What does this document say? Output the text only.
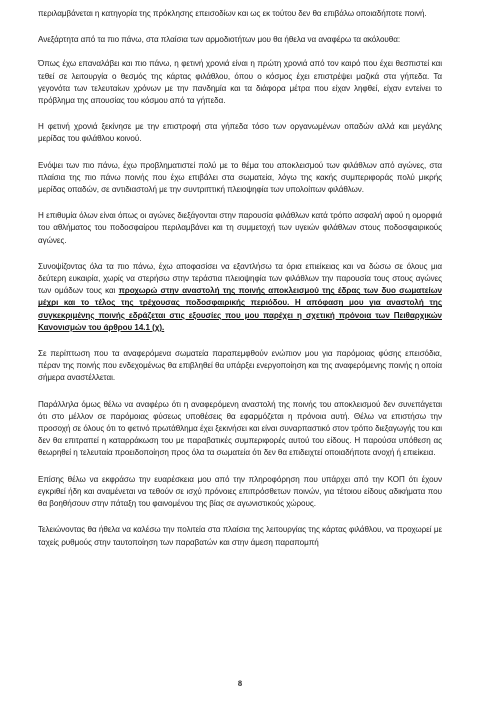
περιλαμβάνεται η κατηγορία της πρόκλησης επεισοδίων και ως εκ τούτου δεν θα επιβάλω οποιαδήποτε ποινή.

Ανεξάρτητα από τα πιο πάνω, στα πλαίσια των αρμοδιοτήτων μου θα ήθελα να αναφέρω τα ακόλουθα:

Όπως έχω επαναλάβει και πιο πάνω, η φετινή χρονιά είναι η πρώτη χρονιά από τον καιρό που έχει θεσπιστεί και τεθεί σε λειτουργία ο θεσμός της κάρτας φιλάθλου, όπου ο κόσμος έχει επιστρέψει μαζικά στα γήπεδα. Τα γεγονότα των τελευταίων χρόνων με την πανδημία και τα διάφορα μέτρα που είχαν ληφθεί, είχαν εντείνει το πρόβλημα της απουσίας του κόσμου από τα γήπεδα.

Η φετινή χρονιά ξεκίνησε με την επιστροφή στα γήπεδα τόσο των οργανωμένων οπαδών αλλά και μεγάλης μερίδας του φιλάθλου κοινού.

Ενόψει των πιο πάνω, έχω προβληματιστεί πολύ με το θέμα του αποκλεισμού των φιλάθλων από αγώνες, στα πλαίσια της πιο πάνω ποινής που έχω επιβάλει στα σωματεία, λόγω της κακής συμπεριφοράς πολύ μικρής μερίδας οπαδών, σε αντιδιαστολή με την συντριπτική πλειοψηφία των υπολοίπων φιλάθλων.

Η επιθυμία όλων είναι όπως οι αγώνες διεξάγονται στην παρουσία φιλάθλων κατά τρόπο ασφαλή αφού η ομορφιά του αθλήματος του ποδοσφαίρου περιλαμβάνει και τη συμμετοχή των υγειών φιλάθλων στους ποδοσφαιρικούς αγώνες.

Συνοψίζοντας όλα τα πιο πάνω, έχω αποφασίσει να εξαντλήσω τα όρια επιείκειας και να δώσω σε όλους μια δεύτερη ευκαιρία, χωρίς να στερήσω στην τεράστια πλειοψηφία των φιλάθλων την παρουσία τους στους αγώνες των ομάδων τους και προχωρώ στην αναστολή της ποινής αποκλεισμού της έδρας των δυο σωματείων μέχρι και το τέλος της τρέχουσας ποδοσφαιρικής περιόδου. Η απόφαση μου για αναστολή της συγκεκριμένης ποινής εδράζεται στις εξουσίες που μου παρέχει η σχετική πρόνοια των Πειθαρχικών Κανονισμών του άρθρου 14.1 (χ).

Σε περίπτωση που τα αναφερόμενα σωματεία παραπεμφθούν ενώπιον μου για παρόμοιας φύσης επεισόδια, πέραν της ποινής που ενδεχομένως θα επιβληθεί θα υπάρξει ενεργοποίηση και της αναφερόμενης ποινής η οποία σήμερα αναστέλλεται.

Παράλληλα όμως θέλω να αναφέρω ότι η αναφερόμενη αναστολή της ποινής του αποκλεισμού δεν συνεπάγεται ότι στο μέλλον σε παρόμοιας φύσεως υποθέσεις θα εφαρμόζεται η πρόνοια αυτή. Θέλω να επιστήσω την προσοχή σε όλους ότι το φετινό πρωτάθλημα έχει ξεκινήσει και είναι συναρπαστικό στον τρόπο διεξαγωγής του και δεν θα επιτραπεί η καταρράκωση του με παραβατικές συμπεριφορές αυτού του είδους. Η παρούσα υπόθεση ας θεωρηθεί η τελευταία προειδοποίηση προς όλα τα σωματεία ότι δεν θα επιδειχτεί οποιαδήποτε ανοχή ή επιείκεια.

Επίσης θέλω να εκφράσω την ευαρέσκεια μου από την πληροφόρηση που υπάρχει από την ΚΟΠ ότι έχουν εγκριθεί ήδη και αναμένεται να τεθούν σε ισχύ πρόνοιες επιπρόσθετων ποινών, για τέτοιου είδους αδικήματα που θα βοηθήσουν στην πάταξη του φαινομένου της βίας σε αγωνιστικούς χώρους.

Τελειώνοντας θα ήθελα να καλέσω την πολιτεία στα πλαίσια της λειτουργίας της κάρτας φιλάθλου, να προχωρεί με ταχείς ρυθμούς στην ταυτοποίηση των παραβατών και στην άμεση παραπομπή

8
